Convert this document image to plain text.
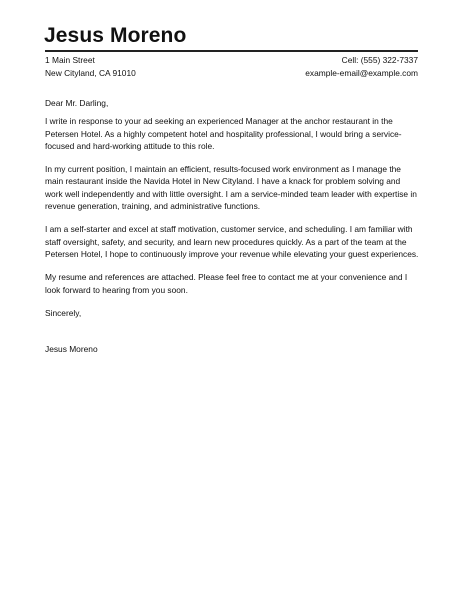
Jesus Moreno
1 Main Street	Cell: (555) 322-7337
New Cityland, CA 91010	example-email@example.com

Dear Mr. Darling,

I write in response to your ad seeking an experienced Manager at the anchor restaurant in the Petersen Hotel. As a highly competent hotel and hospitality professional, I would bring a service-focused and hard-working attitude to this role.

In my current position, I maintain an efficient, results-focused work environment as I manage the main restaurant inside the Navida Hotel in New Cityland. I have a knack for problem solving and work well independently and with little oversight. I am a service-minded team leader with expertise in revenue generation, training, and administrative functions.

I am a self-starter and excel at staff motivation, customer service, and scheduling. I am familiar with staff oversight, safety, and security, and learn new procedures quickly. As a part of the team at the Petersen Hotel, I hope to continuously improve your revenue while elevating your guest experiences.

My resume and references are attached. Please feel free to contact me at your convenience and I look forward to hearing from you soon.

Sincerely,

Jesus Moreno
